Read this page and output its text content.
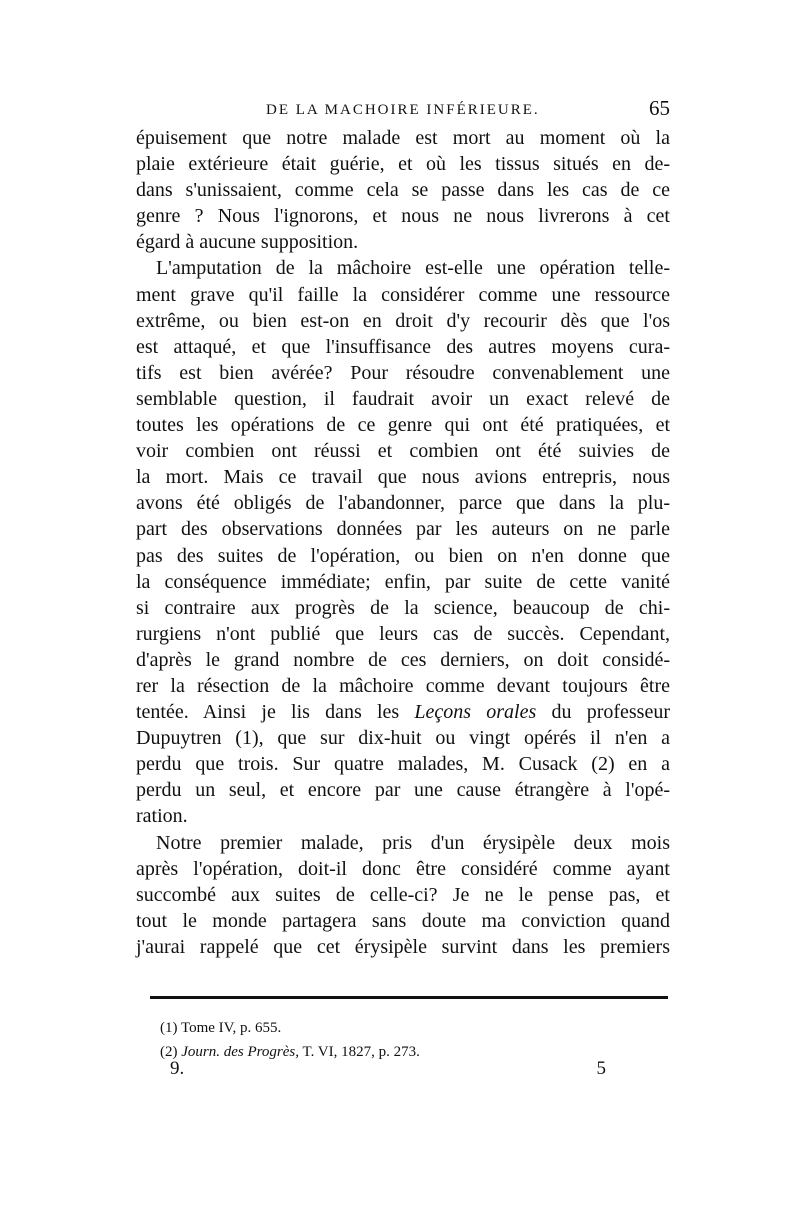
DE LA MACHOIRE INFÉRIEURE.	65
épuisement que notre malade est mort au moment où la
plaie extérieure était guérie, et où les tissus situés en de-
dans s'unissaient, comme cela se passe dans les cas de ce
genre ? Nous l'ignorons, et nous ne nous livrerons à cet
égard à aucune supposition.
L'amputation de la mâchoire est-elle une opération telle-
ment grave qu'il faille la considérer comme une ressource
extrême, ou bien est-on en droit d'y recourir dès que l'os
est attaqué, et que l'insuffisance des autres moyens cura-
tifs est bien avérée? Pour résoudre convenablement une
semblable question, il faudrait avoir un exact relevé de
toutes les opérations de ce genre qui ont été pratiquées, et
voir combien ont réussi et combien ont été suivies de
la mort. Mais ce travail que nous avions entrepris, nous
avons été obligés de l'abandonner, parce que dans la plu-
part des observations données par les auteurs on ne parle
pas des suites de l'opération, ou bien on n'en donne que
la conséquence immédiate; enfin, par suite de cette vanité
si contraire aux progrès de la science, beaucoup de chi-
rurgiens n'ont publié que leurs cas de succès. Cependant,
d'après le grand nombre de ces derniers, on doit considé-
rer la résection de la mâchoire comme devant toujours être
tentée. Ainsi je lis dans les Leçons orales du professeur
Dupuytren (1), que sur dix-huit ou vingt opérés il n'en a
perdu que trois. Sur quatre malades, M. Cusack (2) en a
perdu un seul, et encore par une cause étrangère à l'opé-
ration.
Notre premier malade, pris d'un érysipèle deux mois
après l'opération, doit-il donc être considéré comme ayant
succombé aux suites de celle-ci? Je ne le pense pas, et
tout le monde partagera sans doute ma conviction quand
j'aurai rappelé que cet érysipèle survint dans les premiers
(1) Tome IV, p. 655.
(2) Journ. des Progrès, T. VI, 1827, p. 273.
9.	5
